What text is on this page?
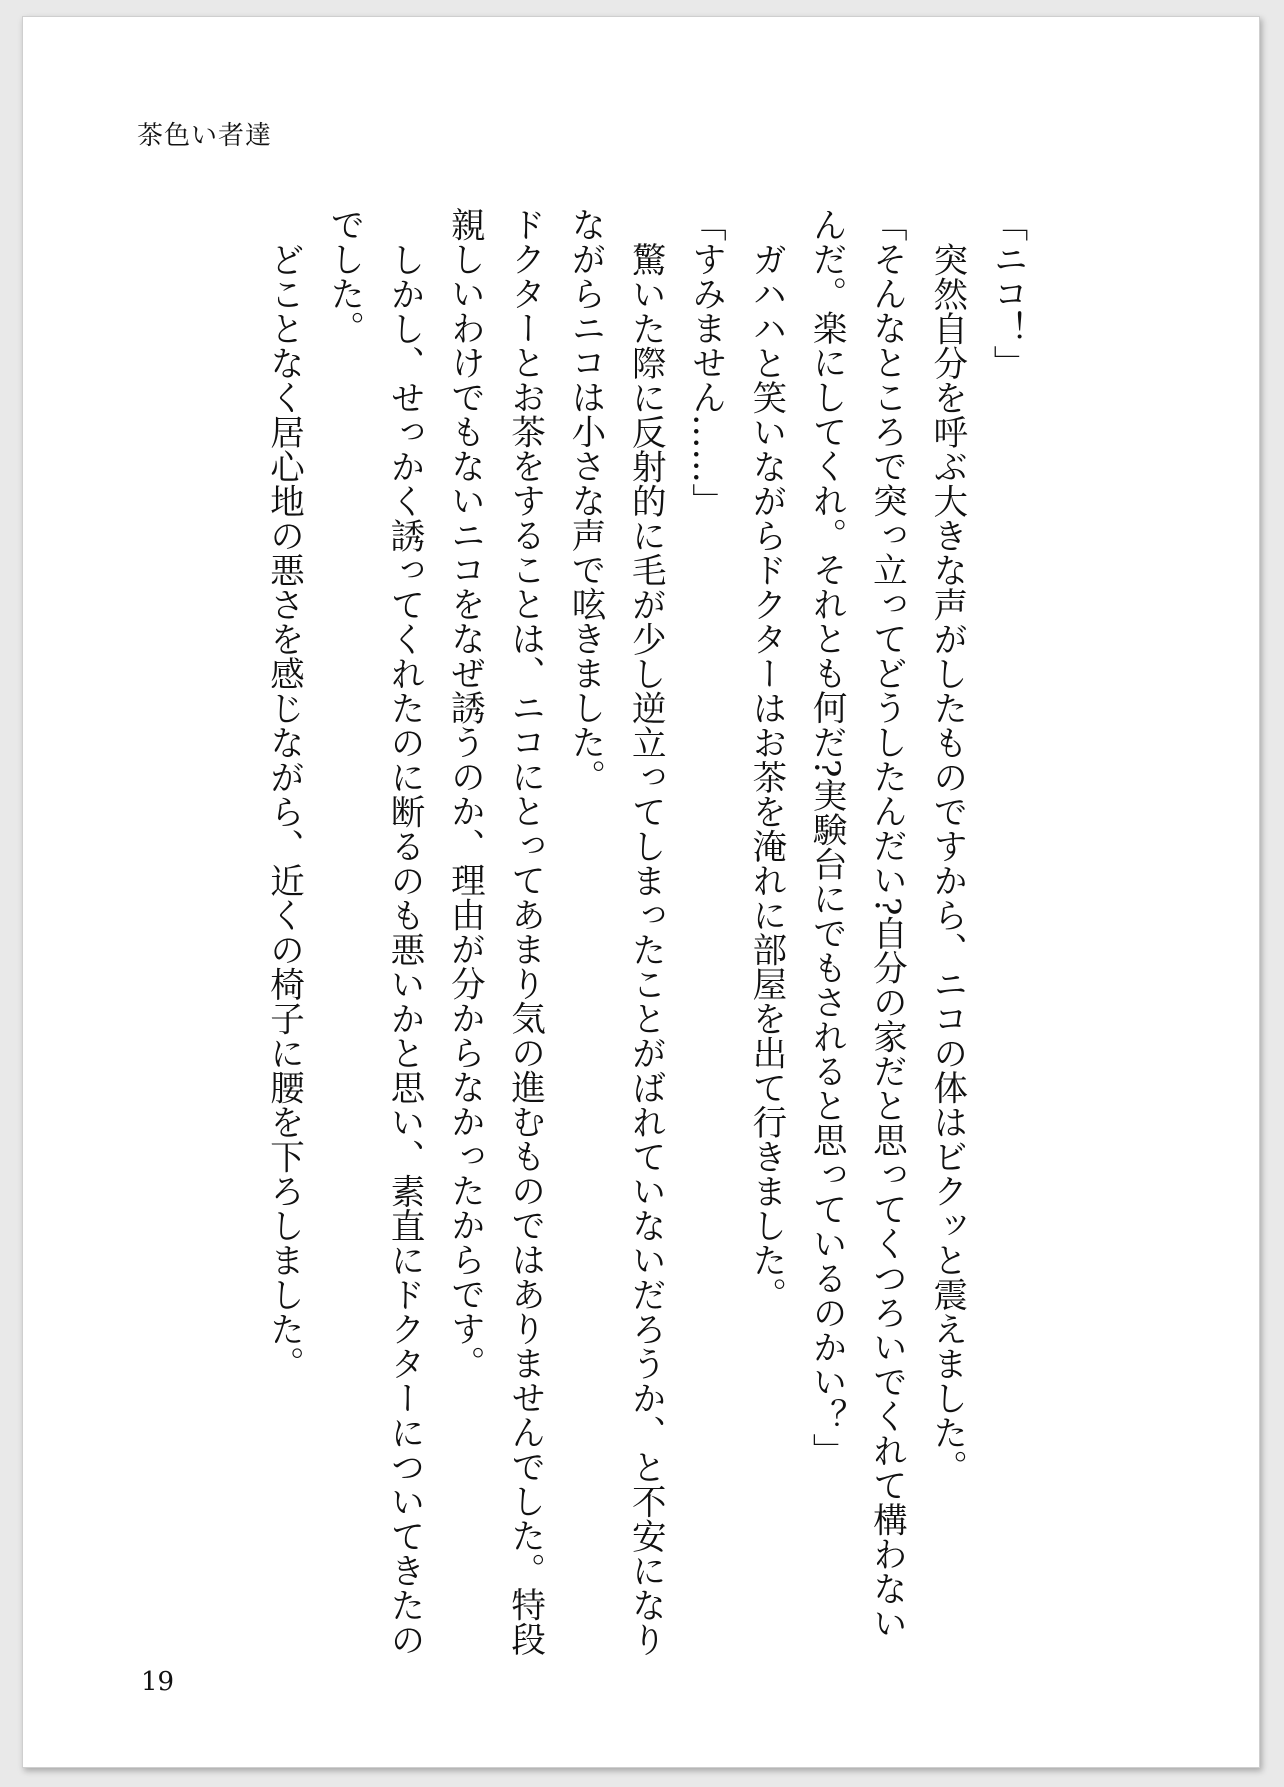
茶色い者達

「ニコ！」

突然自分を呼ぶ大きな声がしたものですから、ニコの体はビクッと震えました。

「そんなところで突っ立ってどうしたんだい?自分の家だと思ってくつろいでくれて構わないんだ。楽にしてくれ。それとも何だ?実験台にでもされると思っているのかい？」

ガハハと笑いながらドクターはお茶を淹れに部屋を出て行きました。

「すみません……」

驚いた際に反射的に毛が少し逆立ってしまったことがばれていないだろうか、と不安になりながらニコは小さな声で呟きました。

ドクターとお茶をすることは、ニコにとってあまり気の進むものではありませんでした。特段親しいわけでもないニコをなぜ誘うのか、理由が分からなかったからです。

しかし、せっかく誘ってくれたのに断るのも悪いかと思い、素直にドクターについてきたのでした。

どことなく居心地の悪さを感じながら、近くの椅子に腰を下ろしました。

19
